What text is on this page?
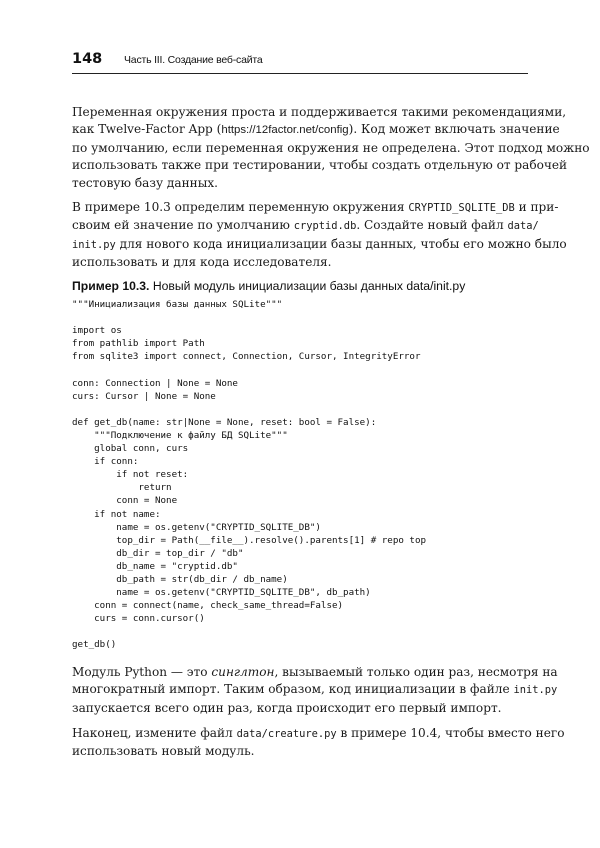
148 Часть III. Создание веб-сайта
Переменная окружения проста и поддерживается такими рекомендациями,
как Twelve-Factor App (https://12factor.net/config). Код может включать значение
по умолчанию, если переменная окружения не определена. Этот подход можно
использовать также при тестировании, чтобы создать отдельную от рабочей
тестовую базу данных.
В примере 10.3 определим переменную окружения CRYPTID_SQLITE_DB и при-
своим ей значение по умолчанию cryptid.db. Создайте новый файл data/
init.py для нового кода инициализации базы данных, чтобы его можно было
использовать и для кода исследователя.
Пример 10.3. Новый модуль инициализации базы данных data/init.py
"""Инициализация базы данных SQLite"""

import os
from pathlib import Path
from sqlite3 import connect, Connection, Cursor, IntegrityError

conn: Connection | None = None
curs: Cursor | None = None

def get_db(name: str|None = None, reset: bool = False):
"""Подключение к файлу БД SQLite"""
global conn, curs
if conn:
if not reset:
return
conn = None
if not name:
name = os.getenv("CRYPTID_SQLITE_DB")
top_dir = Path(__file__).resolve().parents[1] # repo top
db_dir = top_dir / "db"
db_name = "cryptid.db"
db_path = str(db_dir / db_name)
name = os.getenv("CRYPTID_SQLITE_DB", db_path)
conn = connect(name, check_same_thread=False)
curs = conn.cursor()

get_db()
Модуль Python — это синглтон, вызываемый только один раз, несмотря на
многократный импорт. Таким образом, код инициализации в файле init.py
запускается всего один раз, когда происходит его первый импорт.
Наконец, измените файл data/creature.py в примере 10.4, чтобы вместо него
использовать новый модуль.
